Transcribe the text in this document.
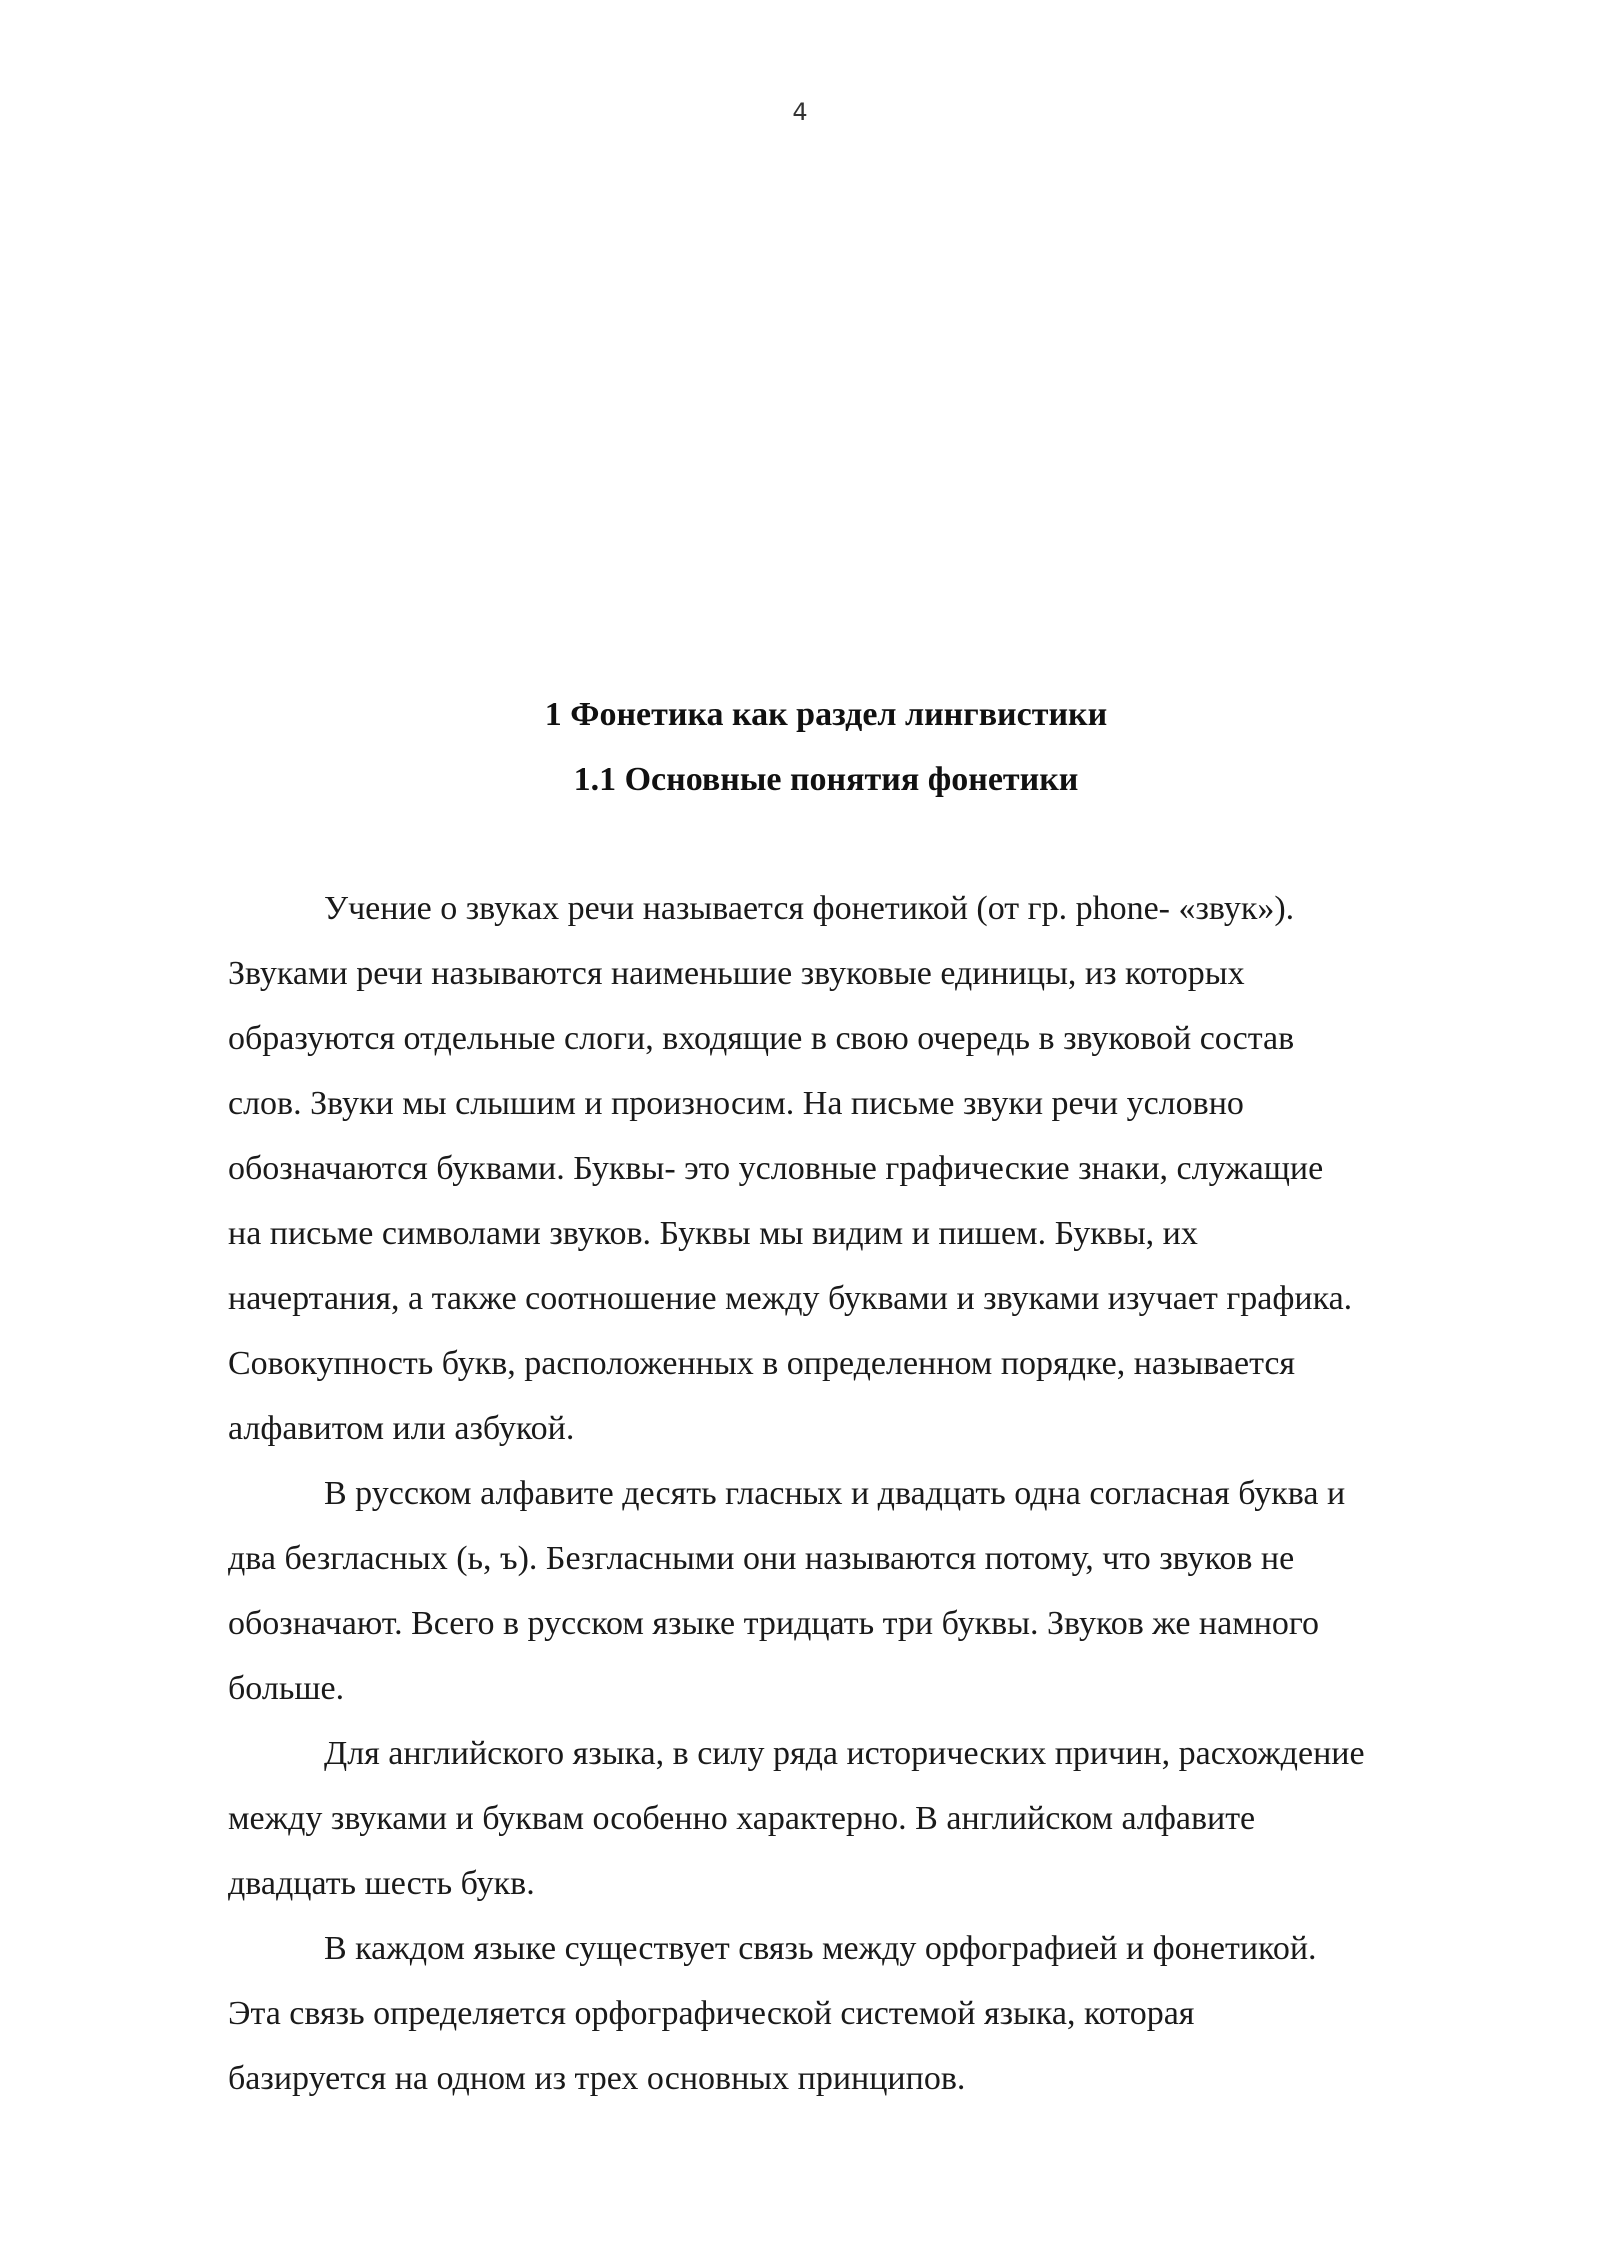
4
1 Фонетика как раздел лингвистики
1.1 Основные понятия фонетики

Учение о звуках речи называется фонетикой (от гр. phone- «звук»).
Звуками речи называются наименьшие звуковые единицы, из которых
образуются отдельные слоги, входящие в свою очередь в звуковой состав
слов. Звуки мы слышим и произносим. На письме звуки речи условно
обозначаются буквами. Буквы- это условные графические знаки, служащие
на письме символами звуков. Буквы мы видим и пишем. Буквы, их
начертания, а также соотношение между буквами и звуками изучает графика.
Совокупность букв, расположенных в определенном порядке, называется
алфавитом или азбукой.

В русском алфавите десять гласных и двадцать одна согласная буква и
два безгласных (ь, ъ). Безгласными они называются потому, что звуков не
обозначают. Всего в русском языке тридцать три буквы. Звуков же намного
больше.

Для английского языка, в силу ряда исторических причин, расхождение
между звуками и буквам особенно характерно. В английском алфавите
двадцать шесть букв.

В каждом языке существует связь между орфографией и фонетикой.
Эта связь определяется орфографической системой языка, которая
базируется на одном из трех основных принципов.
